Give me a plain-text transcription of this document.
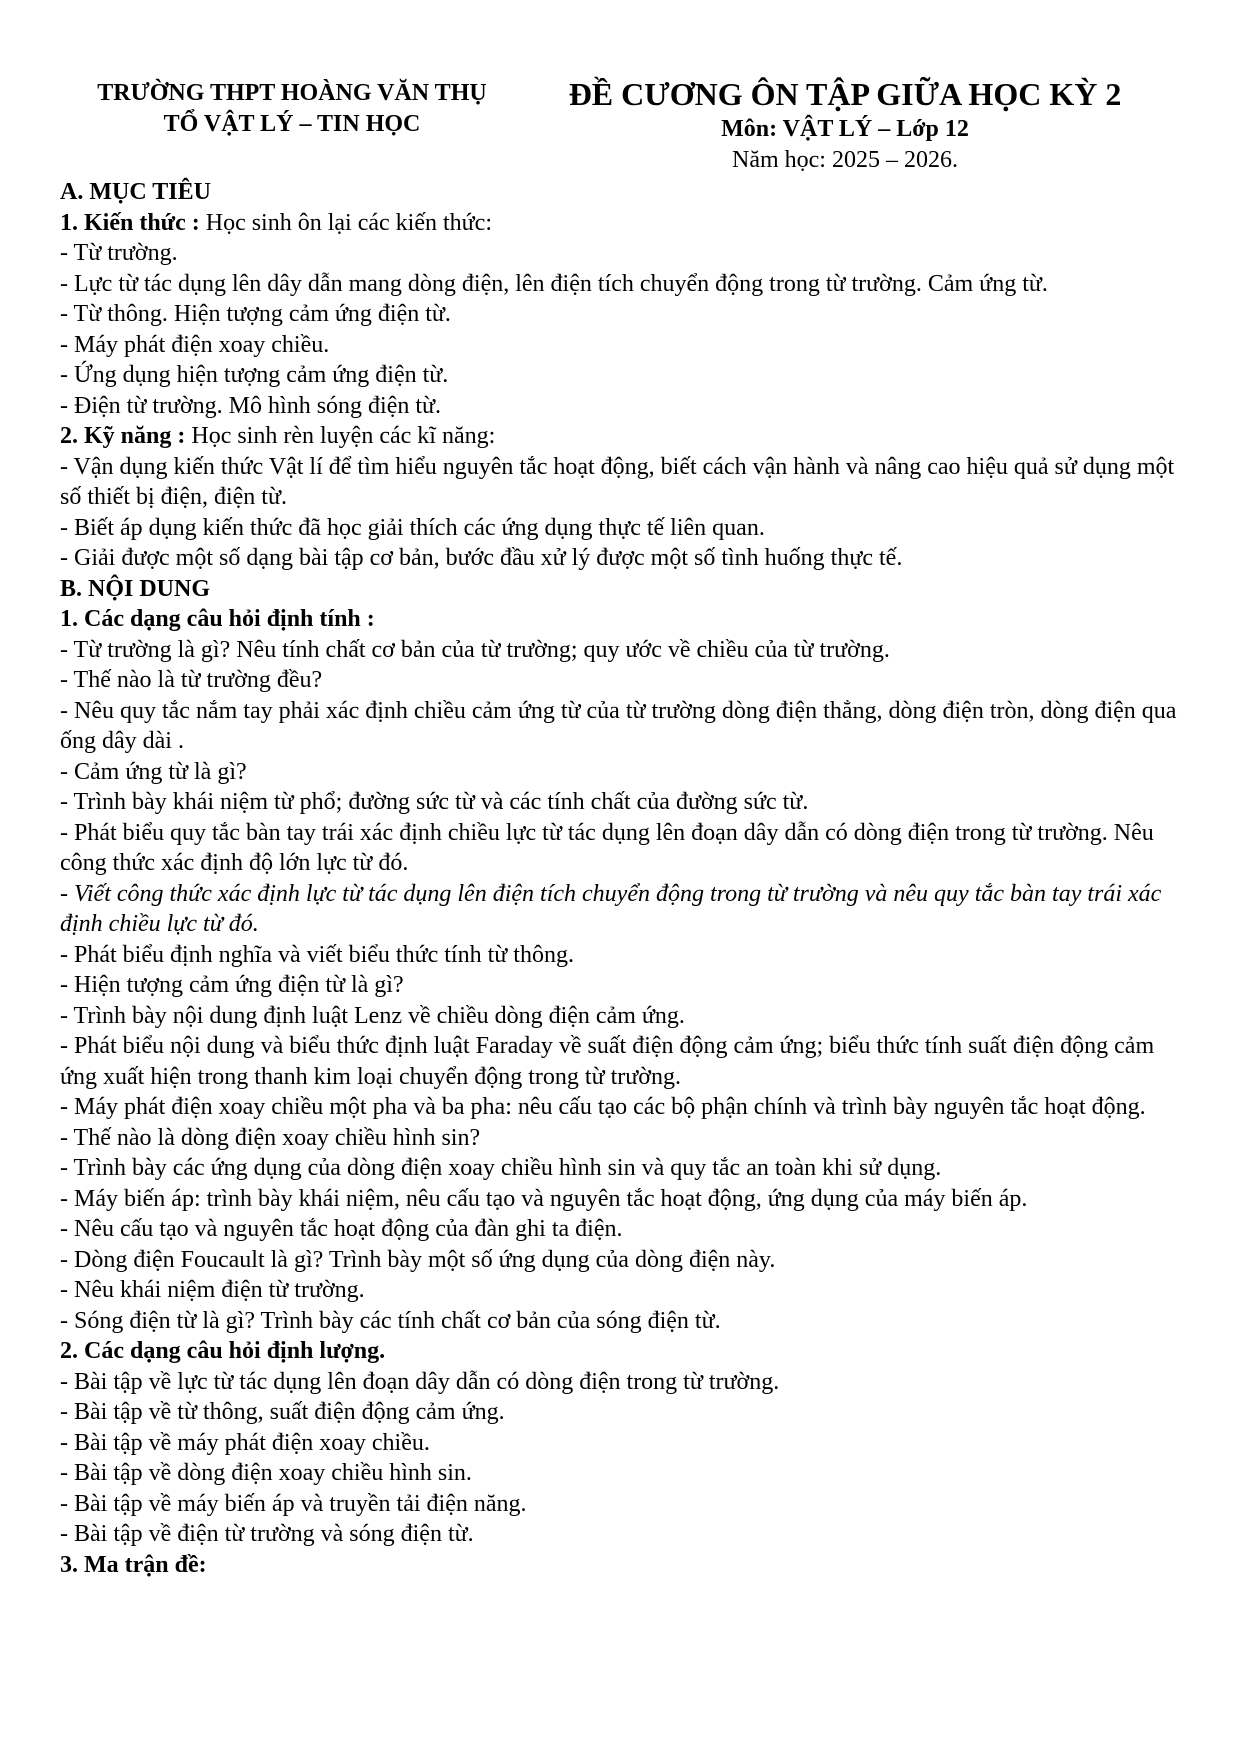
TRƯỜNG THPT HOÀNG VĂN THỤ
TỔ VẬT LÝ – TIN HỌC
ĐỀ CƯƠNG ÔN TẬP GIỮA HỌC KỲ 2
Môn: VẬT LÝ – Lớp 12
Năm học: 2025 – 2026.
A. MỤC TIÊU
1. Kiến thức : Học sinh ôn lại các kiến thức:
- Từ trường.
- Lực từ tác dụng lên dây dẫn mang dòng điện, lên điện tích chuyển động trong từ trường. Cảm ứng từ.
- Từ thông. Hiện tượng cảm ứng điện từ.
- Máy phát điện xoay chiều.
- Ứng dụng hiện tượng cảm ứng điện từ.
- Điện từ trường. Mô hình sóng điện từ.
2. Kỹ năng : Học sinh rèn luyện các kĩ năng:
- Vận dụng kiến thức Vật lí để tìm hiểu nguyên tắc hoạt động, biết cách vận hành và nâng cao hiệu quả sử dụng một số thiết bị điện, điện từ.
- Biết áp dụng kiến thức đã học giải thích các ứng dụng thực tế liên quan.
- Giải được một số dạng bài tập cơ bản, bước đầu xử lý được một số tình huống thực tế.
B. NỘI DUNG
1. Các dạng câu hỏi định tính :
- Từ trường là gì? Nêu tính chất cơ bản của từ trường; quy ước về chiều của từ trường.
- Thế nào là từ trường đều?
- Nêu quy tắc nắm tay phải xác định chiều cảm ứng từ của từ trường dòng điện thẳng, dòng điện tròn, dòng điện qua ống dây dài .
- Cảm ứng từ là gì?
- Trình bày khái niệm từ phổ; đường sức từ và các tính chất của đường sức từ.
- Phát biểu quy tắc bàn tay trái xác định chiều lực từ tác dụng lên đoạn dây dẫn có dòng điện trong từ trường. Nêu công thức xác định độ lớn lực từ đó.
- Viết công thức xác định lực từ tác dụng lên điện tích chuyển động trong từ trường và nêu quy tắc bàn tay trái xác định chiều lực từ đó.
- Phát biểu định nghĩa và viết biểu thức tính từ thông.
- Hiện tượng cảm ứng điện từ là gì?
- Trình bày nội dung định luật Lenz về chiều dòng điện cảm ứng.
- Phát biểu nội dung và biểu thức định luật Faraday về suất điện động cảm ứng; biểu thức tính suất điện động cảm ứng xuất hiện trong thanh kim loại chuyển động trong từ trường.
- Máy phát điện xoay chiều một pha và ba pha: nêu cấu tạo các bộ phận chính và trình bày nguyên tắc hoạt động.
- Thế nào là dòng điện xoay chiều hình sin?
- Trình bày các ứng dụng của dòng điện xoay chiều hình sin và quy tắc an toàn khi sử dụng.
- Máy biến áp: trình bày khái niệm, nêu cấu tạo và nguyên tắc hoạt động, ứng dụng của máy biến áp.
- Nêu cấu tạo và nguyên tắc hoạt động của đàn ghi ta điện.
- Dòng điện Foucault là gì? Trình bày một số ứng dụng của dòng điện này.
- Nêu khái niệm điện từ trường.
- Sóng điện từ là gì? Trình bày các tính chất cơ bản của sóng điện từ.
2. Các dạng câu hỏi định lượng.
- Bài tập về lực từ tác dụng lên đoạn dây dẫn có dòng điện trong từ trường.
- Bài tập về từ thông, suất điện động cảm ứng.
- Bài tập về máy phát điện xoay chiều.
- Bài tập về dòng điện xoay chiều hình sin.
- Bài tập về máy biến áp và truyền tải điện năng.
- Bài tập về điện từ trường và sóng điện từ.
3. Ma trận đề:
